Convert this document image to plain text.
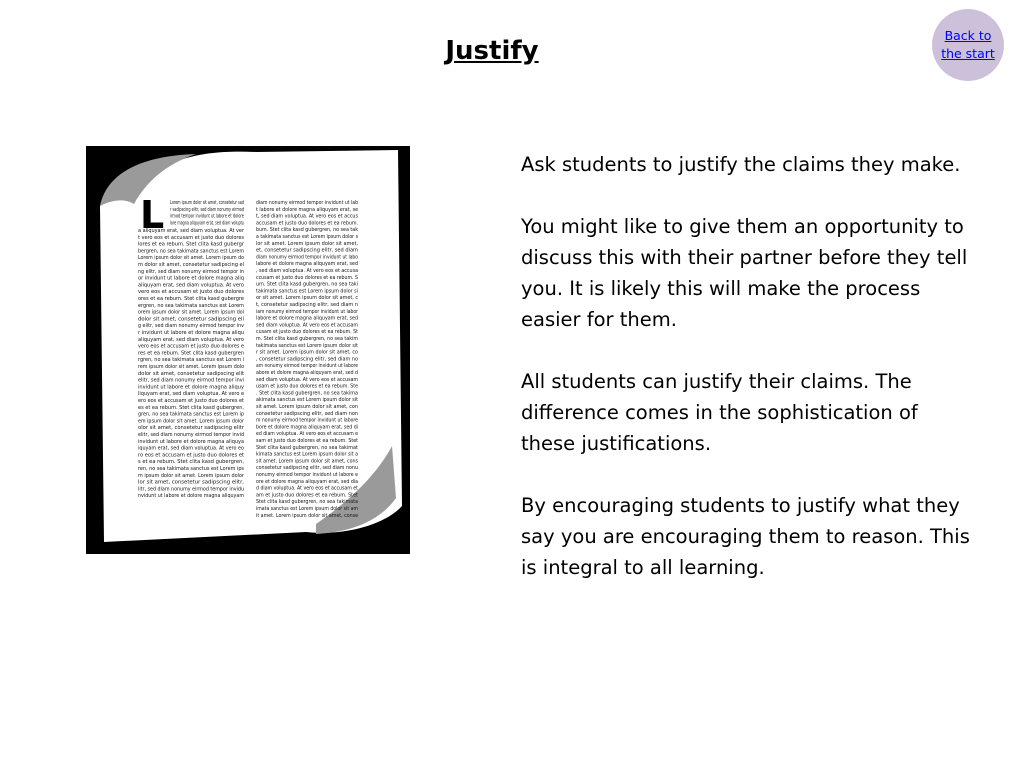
Justify
Back to the start
L Lorem ipsum dolor sit amet, consetetur sad
r sadipscing elitr, sed diam nonumy eirmod
irmod tempor invidunt ut labore et dolore
lore magna aliquyam erat, sed diam voluptu
a aliquyam erat, sed diam voluptua. At ver
t vero eos et accusam et justo duo dolores
lores et ea rebum. Stet clita kasd gubergr
bergren, no sea takimata sanctus est Lorem
Lorem ipsum dolor sit amet. Lorem ipsum do
m dolor sit amet, consetetur sadipscing el
ng elitr, sed diam nonumy eirmod tempor in
or invidunt ut labore et dolore magna aliq
aliquyam erat, sed diam voluptua. At vero
vero eos et accusam et justo duo dolores
ores et ea rebum. Stet clita kasd gubergre
ergren, no sea takimata sanctus est Lorem
orem ipsum dolor sit amet. Lorem ipsum dol
dolor sit amet, consetetur sadipscing eli
g elitr, sed diam nonumy eirmod tempor inv
r invidunt ut labore et dolore magna aliqu
aliquyam erat, sed diam voluptua. At vero
vero eos et accusam et justo duo dolores e
res et ea rebum. Stet clita kasd gubergren
rgren, no sea takimata sanctus est Lorem i
rem ipsum dolor sit amet. Lorem ipsum dolo
dolor sit amet, consetetur sadipscing elit
elitr, sed diam nonumy eirmod tempor invi
invidunt ut labore et dolore magna aliquy
liquyam erat, sed diam voluptua. At vero e
ero eos et accusam et justo duo dolores et
es et ea rebum. Stet clita kasd gubergren,
gren, no sea takimata sanctus est Lorem ip
em ipsum dolor sit amet. Lorem ipsum dolor
olor sit amet, consetetur sadipscing elitr
elitr, sed diam nonumy eirmod tempor invid
invidunt ut labore et dolore magna aliquya
iquyam erat, sed diam voluptua. At vero eo
ro eos et accusam et justo duo dolores et
s et ea rebum. Stet clita kasd gubergren,
ren, no sea takimata sanctus est Lorem ips
m ipsum dolor sit amet. Lorem ipsum dolor
lor sit amet, consetetur sadipscing elitr,
litr, sed diam nonumy eirmod tempor invidu
nvidunt ut labore et dolore magna aliquyam
diam nonumy eirmod tempor invidunt ut lab
t labore et dolore magna aliquyam erat, se
t, sed diam voluptua. At vero eos et accus
accusam et justo duo dolores et ea rebum.
bum. Stet clita kasd gubergren, no sea tak
a takimata sanctus est Lorem ipsum dolor s
lor sit amet. Lorem ipsum dolor sit amet,
et, consetetur sadipscing elitr, sed diam
diam nonumy eirmod tempor invidunt ut labo
labore et dolore magna aliquyam erat, sed
, sed diam voluptua. At vero eos et accusa
ccusam et justo duo dolores et ea rebum. S
um. Stet clita kasd gubergren, no sea taki
takimata sanctus est Lorem ipsum dolor si
or sit amet. Lorem ipsum dolor sit amet, c
t, consetetur sadipscing elitr, sed diam n
iam nonumy eirmod tempor invidunt ut labor
labore et dolore magna aliquyam erat, sed
sed diam voluptua. At vero eos et accusam
cusam et justo duo dolores et ea rebum. St
m. Stet clita kasd gubergren, no sea takim
takimata sanctus est Lorem ipsum dolor sit
r sit amet. Lorem ipsum dolor sit amet, co
, consetetur sadipscing elitr, sed diam no
am nonumy eirmod tempor invidunt ut labore
abore et dolore magna aliquyam erat, sed d
sed diam voluptua. At vero eos et accusam
usam et justo duo dolores et ea rebum. Ste
. Stet clita kasd gubergren, no sea takima
akimata sanctus est Lorem ipsum dolor sit
sit amet. Lorem ipsum dolor sit amet, con
consetetur sadipscing elitr, sed diam non
m nonumy eirmod tempor invidunt ut labore
bore et dolore magna aliquyam erat, sed di
ed diam voluptua. At vero eos et accusam e
sam et justo duo dolores et ea rebum. Stet
Stet clita kasd gubergren, no sea takimat
kimata sanctus est Lorem ipsum dolor sit a
sit amet. Lorem ipsum dolor sit amet, cons
consetetur sadipscing elitr, sed diam nonu
nonumy eirmod tempor invidunt ut labore e
ore et dolore magna aliquyam erat, sed dia
d diam voluptua. At vero eos et accusam et
am et justo duo dolores et ea rebum. Stet
Stet clita kasd gubergren, no sea takimata
imata sanctus est Lorem ipsum dolor sit am
it amet. Lorem ipsum dolor sit amet, conse

Ask students to justify the claims they make.

You might like to give them an opportunity to discuss this with their partner before they tell you. It is likely this will make the process easier for them.

All students can justify their claims. The difference comes in the sophistication of these justifications.

By encouraging students to justify what they say you are encouraging them to reason. This is integral to all learning.
